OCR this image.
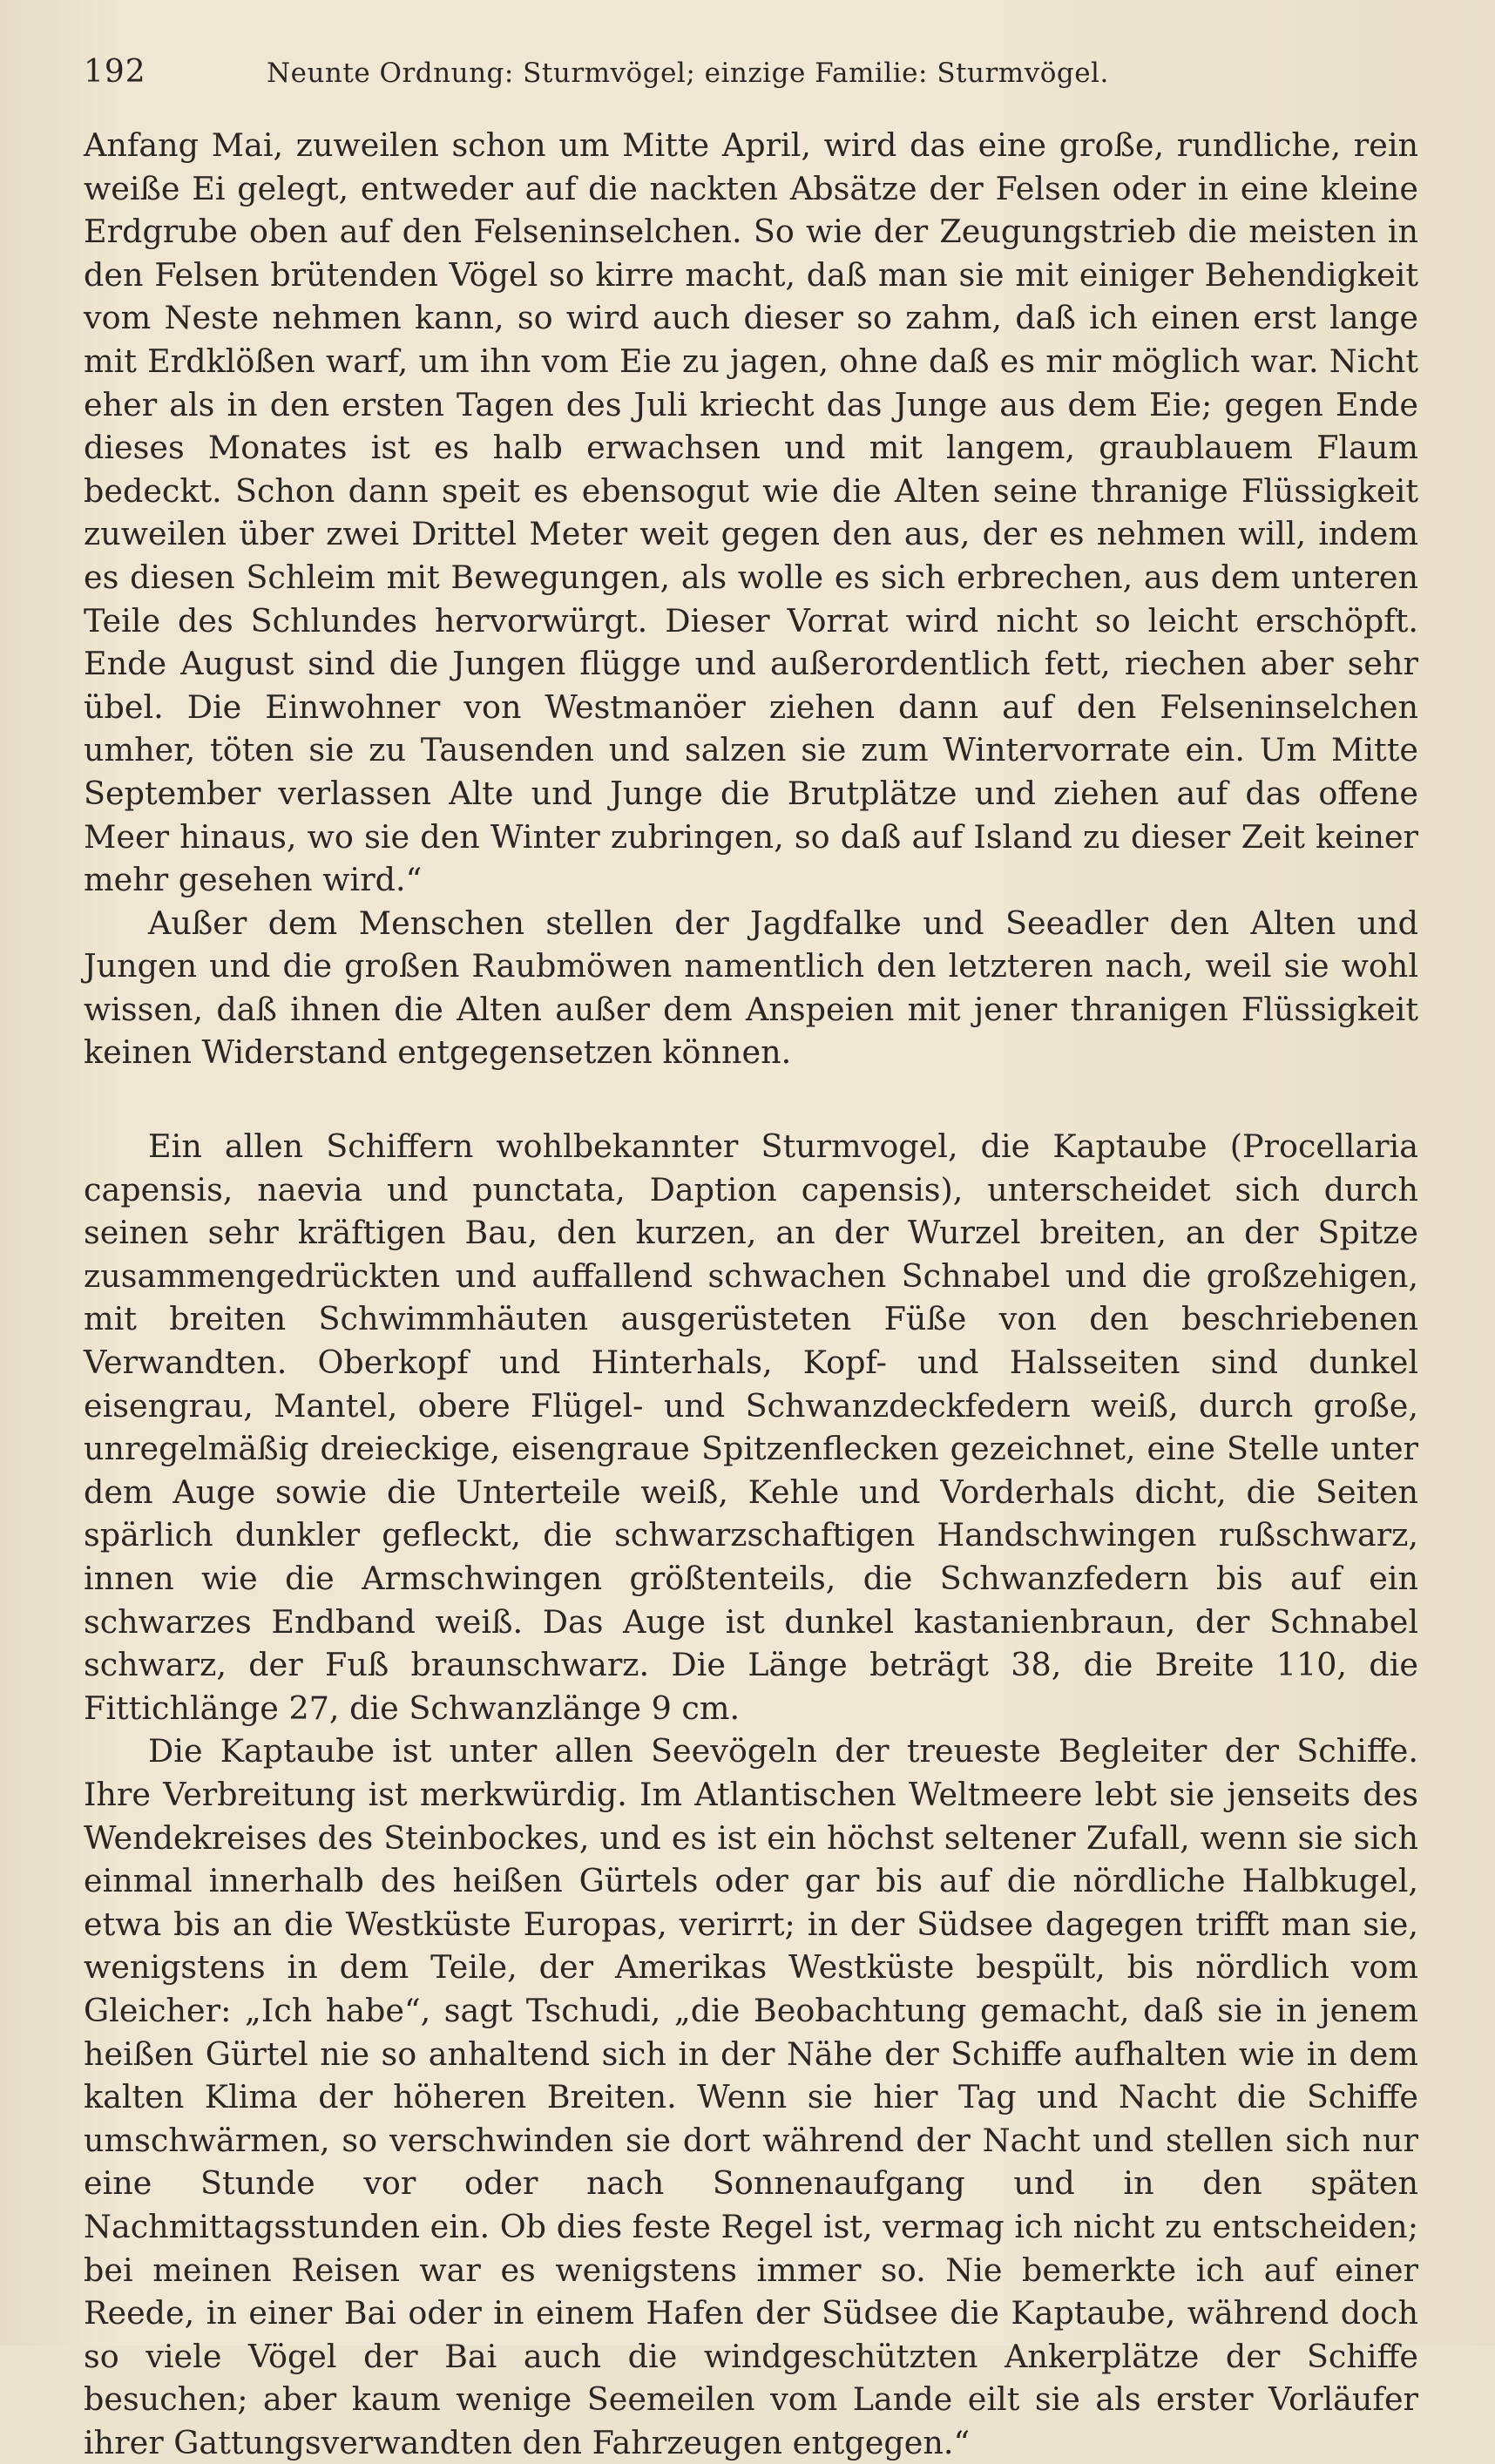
192	Neunte Ordnung: Sturmvögel; einzige Familie: Sturmvögel.

Anfang Mai, zuweilen schon um Mitte April, wird das eine große, rundliche, rein weiße Ei gelegt, entweder auf die nackten Absätze der Felsen oder in eine kleine Erdgrube oben auf den Felseninselchen. So wie der Zeugungstrieb die meisten in den Felsen brütenden Vögel so kirre macht, daß man sie mit einiger Behendigkeit vom Neste nehmen kann, so wird auch dieser so zahm, daß ich einen erst lange mit Erdklößen warf, um ihn vom Eie zu jagen, ohne daß es mir möglich war. Nicht eher als in den ersten Tagen des Juli kriecht das Junge aus dem Eie; gegen Ende dieses Monates ist es halb erwachsen und mit langem, graublauem Flaum bedeckt. Schon dann speit es ebensogut wie die Alten seine thranige Flüssigkeit zuweilen über zwei Drittel Meter weit gegen den aus, der es nehmen will, indem es diesen Schleim mit Bewegungen, als wolle es sich erbrechen, aus dem unteren Teile des Schlundes hervorwürgt. Dieser Vorrat wird nicht so leicht erschöpft. Ende August sind die Jungen flügge und außerordentlich fett, riechen aber sehr übel. Die Einwohner von Westmanöer ziehen dann auf den Felseninselchen umher, töten sie zu Tausenden und salzen sie zum Wintervorrate ein. Um Mitte September verlassen Alte und Junge die Brutplätze und ziehen auf das offene Meer hinaus, wo sie den Winter zubringen, so daß auf Island zu dieser Zeit keiner mehr gesehen wird.“

Außer dem Menschen stellen der Jagdfalke und Seeadler den Alten und Jungen und die großen Raubmöwen namentlich den letzteren nach, weil sie wohl wissen, daß ihnen die Alten außer dem Anspeien mit jener thranigen Flüssigkeit keinen Widerstand entgegensetzen können.

Ein allen Schiffern wohlbekannter Sturmvogel, die Kaptaube (Procellaria capensis, naevia und punctata, Daption capensis), unterscheidet sich durch seinen sehr kräftigen Bau, den kurzen, an der Wurzel breiten, an der Spitze zusammengedrückten und auffallend schwachen Schnabel und die großzehigen, mit breiten Schwimmhäuten ausgerüsteten Füße von den beschriebenen Verwandten. Oberkopf und Hinterhals, Kopf- und Halsseiten sind dunkel eisengrau, Mantel, obere Flügel- und Schwanzdeckfedern weiß, durch große, unregelmäßig dreieckige, eisengraue Spitzenflecken gezeichnet, eine Stelle unter dem Auge sowie die Unterteile weiß, Kehle und Vorderhals dicht, die Seiten spärlich dunkler gefleckt, die schwarzschaftigen Handschwingen rußschwarz, innen wie die Armschwingen größtenteils, die Schwanzfedern bis auf ein schwarzes Endband weiß. Das Auge ist dunkel kastanienbraun, der Schnabel schwarz, der Fuß braunschwarz. Die Länge beträgt 38, die Breite 110, die Fittichlänge 27, die Schwanzlänge 9 cm.

Die Kaptaube ist unter allen Seevögeln der treueste Begleiter der Schiffe. Ihre Verbreitung ist merkwürdig. Im Atlantischen Weltmeere lebt sie jenseits des Wendekreises des Steinbockes, und es ist ein höchst seltener Zufall, wenn sie sich einmal innerhalb des heißen Gürtels oder gar bis auf die nördliche Halbkugel, etwa bis an die Westküste Europas, verirrt; in der Südsee dagegen trifft man sie, wenigstens in dem Teile, der Amerikas Westküste bespült, bis nördlich vom Gleicher: „Ich habe“, sagt Tschudi, „die Beobachtung gemacht, daß sie in jenem heißen Gürtel nie so anhaltend sich in der Nähe der Schiffe aufhalten wie in dem kalten Klima der höheren Breiten. Wenn sie hier Tag und Nacht die Schiffe umschwärmen, so verschwinden sie dort während der Nacht und stellen sich nur eine Stunde vor oder nach Sonnenaufgang und in den späten Nachmittagsstunden ein. Ob dies feste Regel ist, vermag ich nicht zu entscheiden; bei meinen Reisen war es wenigstens immer so. Nie bemerkte ich auf einer Reede, in einer Bai oder in einem Hafen der Südsee die Kaptaube, während doch so viele Vögel der Bai auch die windgeschützten Ankerplätze der Schiffe besuchen; aber kaum wenige Seemeilen vom Lande eilt sie als erster Vorläufer ihrer Gattungsverwandten den Fahrzeugen entgegen.“
